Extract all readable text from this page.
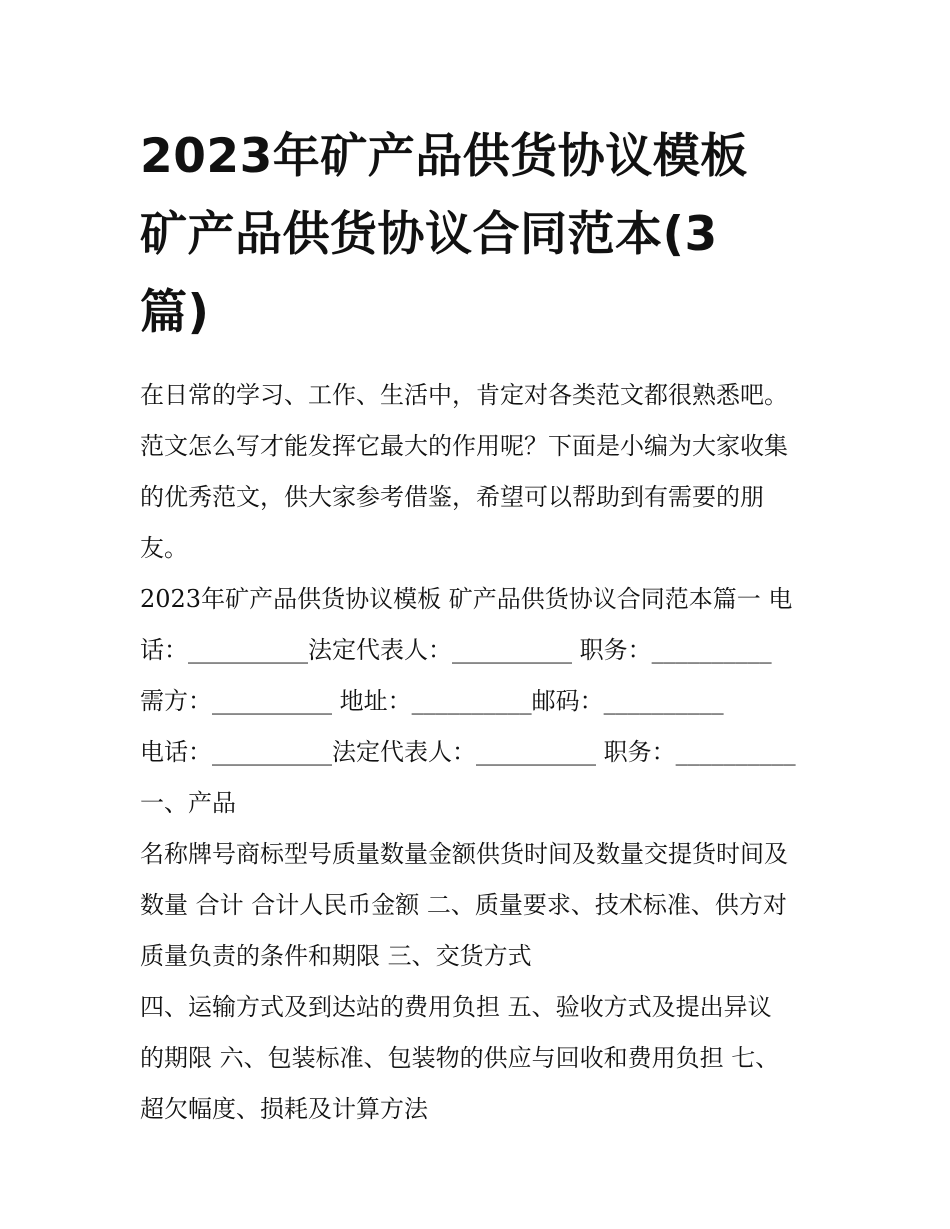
2023年矿产品供货协议模板
矿产品供货协议合同范本(3
篇)

在日常的学习、工作、生活中，肯定对各类范文都很熟悉吧。
范文怎么写才能发挥它最大的作用呢？下面是小编为大家收集
的优秀范文，供大家参考借鉴，希望可以帮助到有需要的朋
友。

2023年矿产品供货协议模板 矿产品供货协议合同范本篇一 电
话：__________法定代表人：__________ 职务：__________

需方：__________ 地址：__________邮码：__________

电话：__________法定代表人：__________ 职务：__________

一、产品

名称牌号商标型号质量数量金额供货时间及数量交提货时间及
数量 合计 合计人民币金额 二、质量要求、技术标准、供方对
质量负责的条件和期限 三、交货方式

四、运输方式及到达站的费用负担 五、验收方式及提出异议
的期限 六、包装标准、包装物的供应与回收和费用负担 七、
超欠幅度、损耗及计算方法
